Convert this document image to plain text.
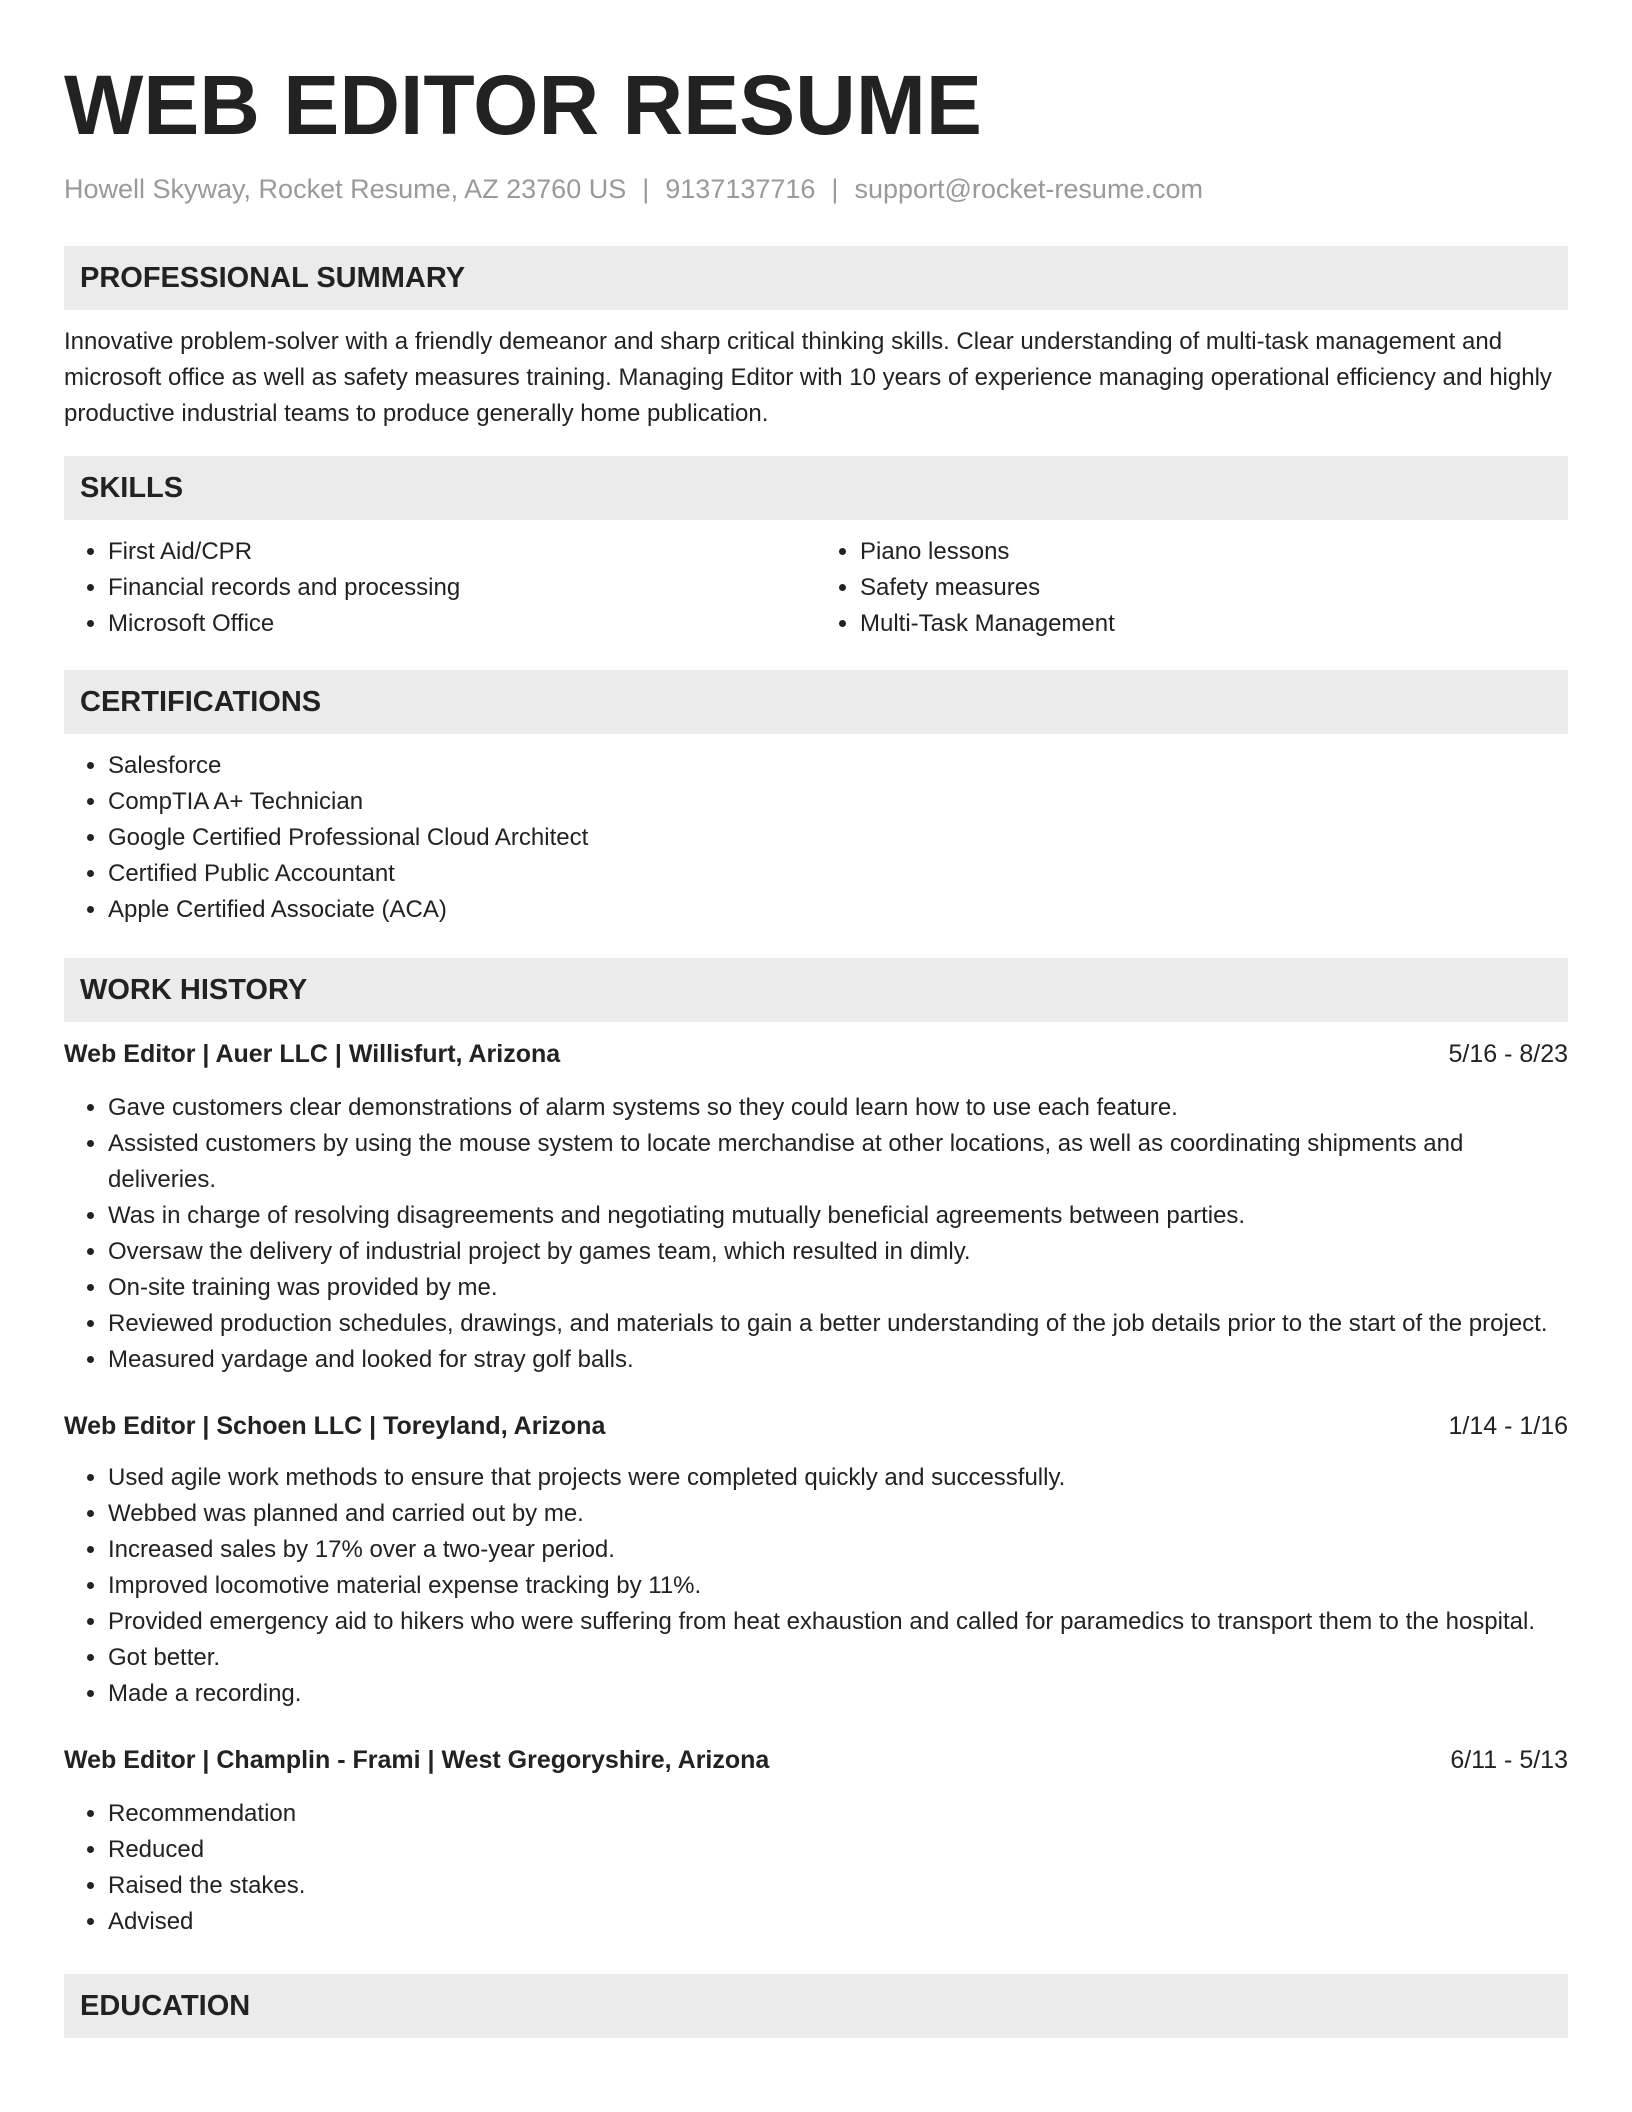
WEB EDITOR RESUME
Howell Skyway, Rocket Resume, AZ 23760 US | 9137137716 | support@rocket-resume.com
PROFESSIONAL SUMMARY

Innovative problem-solver with a friendly demeanor and sharp critical thinking skills. Clear understanding of multi-task management and microsoft office as well as safety measures training. Managing Editor with 10 years of experience managing operational efficiency and highly productive industrial teams to produce generally home publication.

SKILLS
• First Aid/CPR
• Financial records and processing
• Microsoft Office
• Piano lessons
• Safety measures
• Multi-Task Management
CERTIFICATIONS
• Salesforce
• CompTIA A+ Technician
• Google Certified Professional Cloud Architect
• Certified Public Accountant
• Apple Certified Associate (ACA)
WORK HISTORY
Web Editor | Auer LLC | Willisfurt, Arizona	5/16 - 8/23
• Gave customers clear demonstrations of alarm systems so they could learn how to use each feature.
• Assisted customers by using the mouse system to locate merchandise at other locations, as well as coordinating shipments and deliveries.
• Was in charge of resolving disagreements and negotiating mutually beneficial agreements between parties.
• Oversaw the delivery of industrial project by games team, which resulted in dimly.
• On-site training was provided by me.
• Reviewed production schedules, drawings, and materials to gain a better understanding of the job details prior to the start of the project.
• Measured yardage and looked for stray golf balls.
Web Editor | Schoen LLC | Toreyland, Arizona	1/14 - 1/16
• Used agile work methods to ensure that projects were completed quickly and successfully.
• Webbed was planned and carried out by me.
• Increased sales by 17% over a two-year period.
• Improved locomotive material expense tracking by 11%.
• Provided emergency aid to hikers who were suffering from heat exhaustion and called for paramedics to transport them to the hospital.
• Got better.
• Made a recording.
Web Editor | Champlin - Frami | West Gregoryshire, Arizona	6/11 - 5/13
• Recommendation
• Reduced
• Raised the stakes.
• Advised
EDUCATION
